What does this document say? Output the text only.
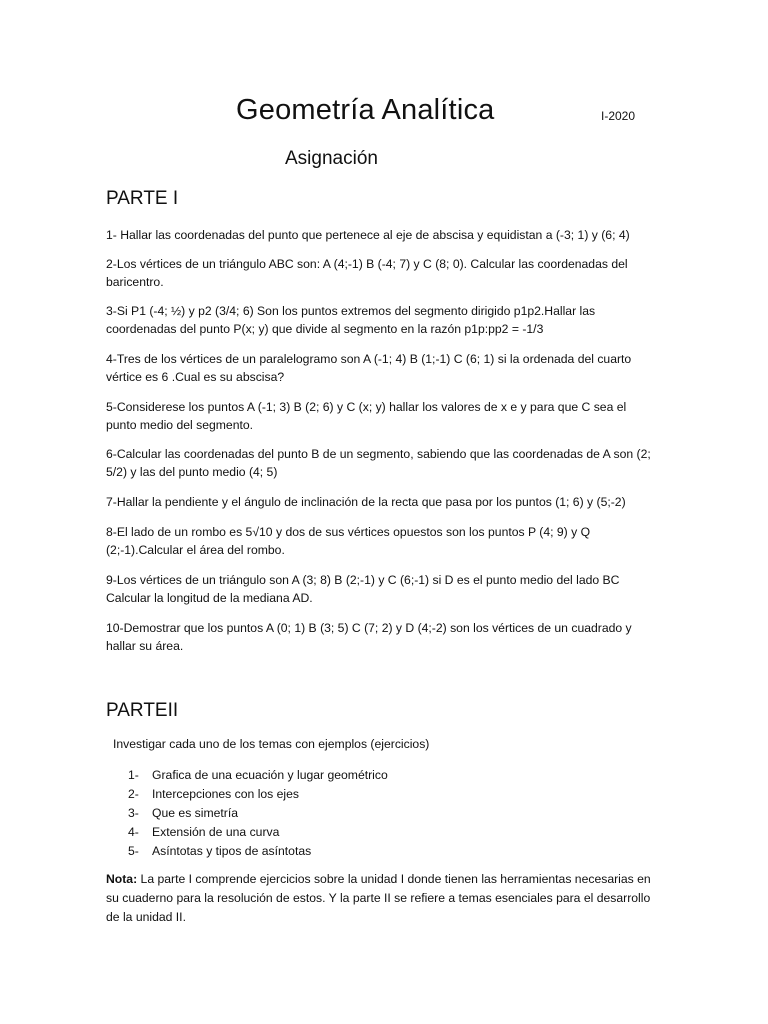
Geometría Analítica	I-2020
Asignación
PARTE I

1- Hallar las coordenadas del punto que pertenece al eje de abscisa y equidistan a (-3; 1) y (6; 4)

2-Los vértices de un triángulo ABC son: A (4;-1) B (-4; 7) y C (8; 0). Calcular las coordenadas del baricentro.

3-Si P1 (-4; ½) y p2 (3/4; 6) Son los puntos extremos del segmento dirigido p1p2.Hallar las coordenadas del punto P(x; y) que divide al segmento en la razón p1p:pp2 = -1/3

4-Tres de los vértices de un paralelogramo son A (-1; 4) B (1;-1) C (6; 1) si la ordenada del cuarto vértice es 6 .Cual es su abscisa?

5-Considerese los puntos A (-1; 3) B (2; 6) y C (x; y) hallar los valores de x e y para que C sea el punto medio del segmento.

6-Calcular las coordenadas del punto B de un segmento, sabiendo que las coordenadas de A son (2; 5/2) y las del punto medio (4; 5)

7-Hallar la pendiente y el ángulo de inclinación de la recta que pasa por los puntos (1; 6) y (5;-2)

8-El lado de un rombo es 5√10 y dos de sus vértices opuestos son los puntos P (4; 9) y Q (2;-1).Calcular el área del rombo.

9-Los vértices de un triángulo son A (3; 8) B (2;-1) y C (6;-1) si D es el punto medio del lado BC Calcular la longitud de la mediana AD.

10-Demostrar que los puntos A (0; 1) B (3; 5) C (7; 2) y D (4;-2) son los vértices de un cuadrado y hallar su área.

PARTEII
Investigar cada uno de los temas con ejemplos (ejercicios)
1-	Grafica de una ecuación y lugar geométrico
2-	Intercepciones con los ejes
3-	Que es simetría
4-	Extensión de una curva
5-	Asíntotas y tipos de asíntotas

Nota: La parte I comprende ejercicios sobre la unidad I donde tienen las herramientas necesarias en su cuaderno para la resolución de estos. Y la parte II se refiere a temas esenciales para el desarrollo de la unidad II.
